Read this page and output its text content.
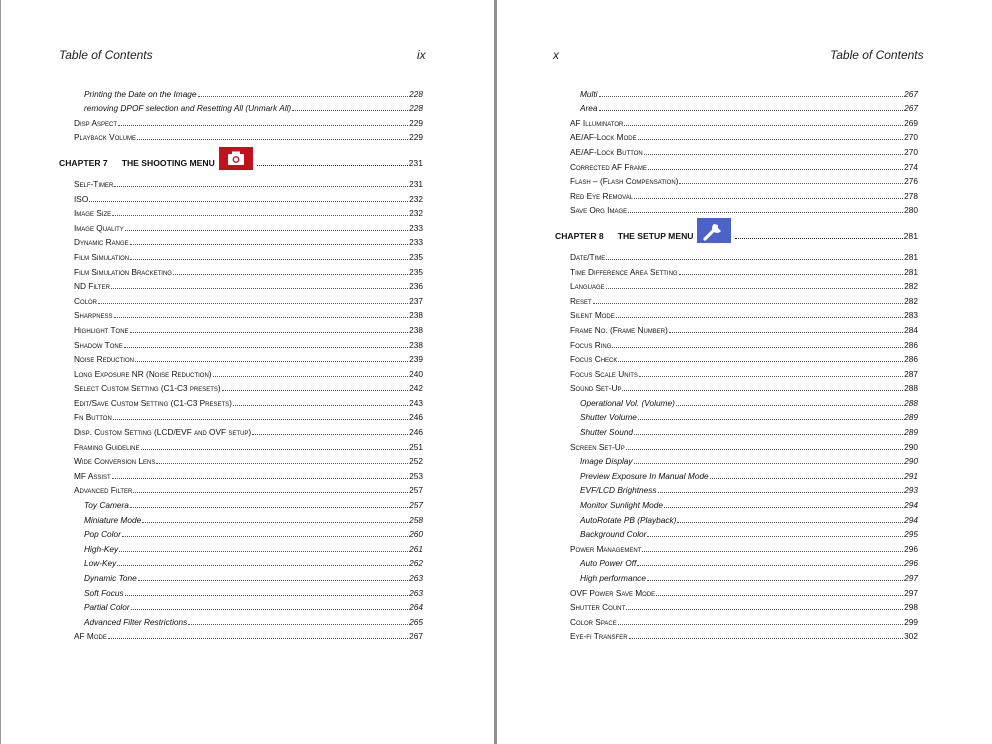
Table of Contents	ix
Printing the Date on the Image	228
removing DPOF selection and Resetting All (Unmark All)	228
Disp Aspect	229
Playback Volume	229
CHAPTER 7 THE SHOOTING MENU	231
Self-Timer	231
ISO	232
Image Size	232
Image Quality	233
Dynamic Range	233
Film Simulation	235
Film Simulation Bracketing	235
ND Filter	236
Color	237
Sharpness	238
Highlight Tone	238
Shadow Tone	238
Noise Reduction	239
Long Exposure NR (Noise Reduction)	240
Select Custom Setting (C1-C3 presets)	242
Edit/Save Custom Setting (C1-C3 Presets)	243
Fn Button	246
Disp. Custom Setting (LCD/EVF and OVF setup)	246
Framing Guideline	251
Wide Conversion Lens	252
MF Assist	253
Advanced Filter	257
Toy Camera	257
Miniature Mode	258
Pop Color	260
High-Key	261
Low-Key	262
Dynamic Tone	263
Soft Focus	263
Partial Color	264
Advanced Filter Restrictions	265
AF Mode	267
x	Table of Contents
Multi	267
Area	267
AF Illuminator	269
AE/AF-Lock Mode	270
AE/AF-Lock Button	270
Corrected AF Frame	274
Flash – (Flash Compensation)	276
Red Eye Removal	278
Save Org Image	280
CHAPTER 8 THE SETUP MENU	281
Date/Time	281
Time Difference Area Setting	281
Language	282
Reset	282
Silent Mode	283
Frame No. (Frame Number)	284
Focus Ring	286
Focus Check	286
Focus Scale Units	287
Sound Set-Up	288
Operational Vol. (Volume)	288
Shutter Volume	289
Shutter Sound	289
Screen Set-Up	290
Image Display	290
Preview Exposure In Manual Mode	291
EVF/LCD Brightness	293
Monitor Sunlight Mode	294
AutoRotate PB (Playback)	294
Background Color	295
Power Management	296
Auto Power Off	296
High performance	297
OVF Power Save Mode	297
Shutter Count	298
Color Space	299
Eye-fi Transfer	302
